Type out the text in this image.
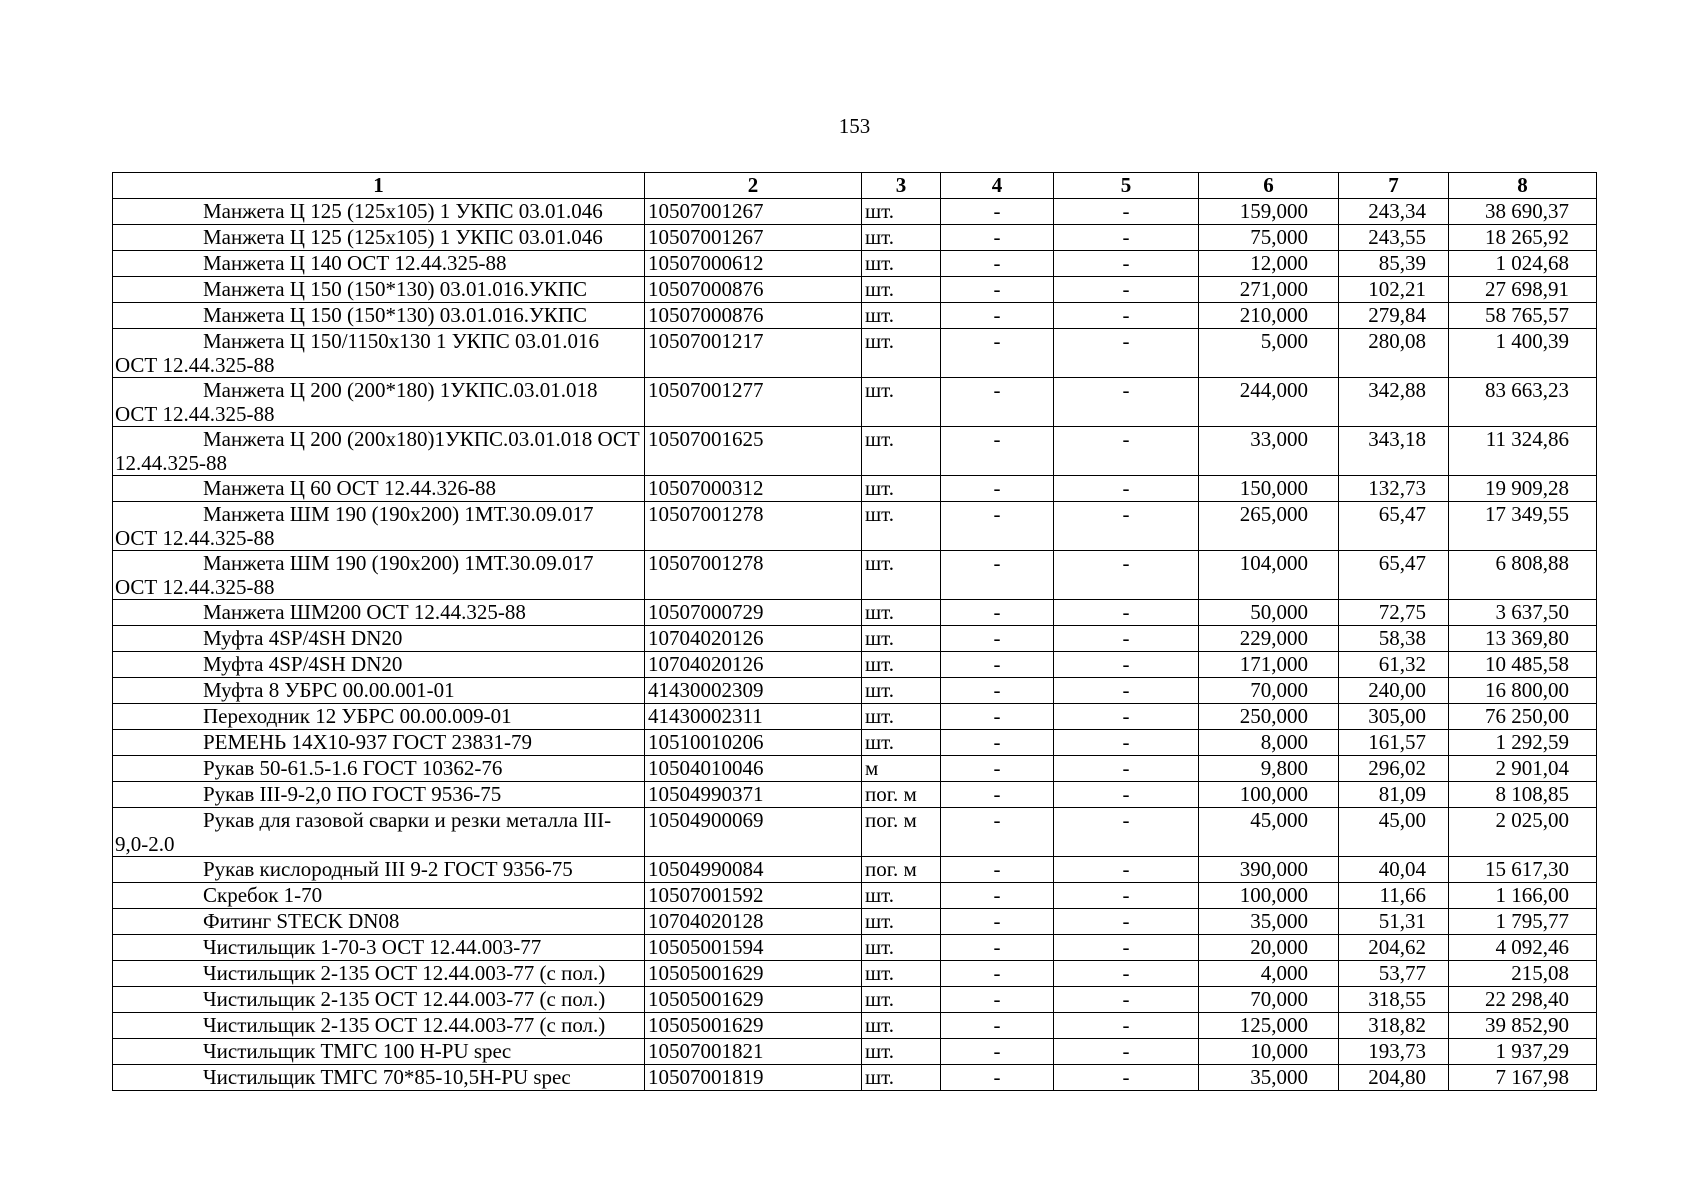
153
1	2	3	4	5	6	7	8
Манжета Ц 125 (125х105) 1 УКПС 03.01.046	10507001267	шт.	-	-	159,000	243,34	38 690,37
Манжета Ц 125 (125х105) 1 УКПС 03.01.046	10507001267	шт.	-	-	75,000	243,55	18 265,92
Манжета Ц 140 ОСТ 12.44.325-88	10507000612	шт.	-	-	12,000	85,39	1 024,68
Манжета Ц 150 (150*130) 03.01.016.УКПС	10507000876	шт.	-	-	271,000	102,21	27 698,91
Манжета Ц 150 (150*130) 03.01.016.УКПС	10507000876	шт.	-	-	210,000	279,84	58 765,57
Манжета Ц 150/1150х130 1 УКПС 03.01.016 ОСТ 12.44.325-88	10507001217	шт.	-	-	5,000	280,08	1 400,39
Манжета Ц 200 (200*180) 1УКПС.03.01.018 ОСТ 12.44.325-88	10507001277	шт.	-	-	244,000	342,88	83 663,23
Манжета Ц 200 (200х180)1УКПС.03.01.018 ОСТ 12.44.325-88	10507001625	шт.	-	-	33,000	343,18	11 324,86
Манжета Ц 60 ОСТ 12.44.326-88	10507000312	шт.	-	-	150,000	132,73	19 909,28
Манжета ШМ 190 (190х200) 1МТ.30.09.017 ОСТ 12.44.325-88	10507001278	шт.	-	-	265,000	65,47	17 349,55
Манжета ШМ 190 (190х200) 1МТ.30.09.017 ОСТ 12.44.325-88	10507001278	шт.	-	-	104,000	65,47	6 808,88
Манжета ШМ200 ОСТ 12.44.325-88	10507000729	шт.	-	-	50,000	72,75	3 637,50
Муфта 4SP/4SH DN20	10704020126	шт.	-	-	229,000	58,38	13 369,80
Муфта 4SP/4SH DN20	10704020126	шт.	-	-	171,000	61,32	10 485,58
Муфта 8 УБРС 00.00.001-01	41430002309	шт.	-	-	70,000	240,00	16 800,00
Переходник 12 УБРС 00.00.009-01	41430002311	шт.	-	-	250,000	305,00	76 250,00
РЕМЕНЬ 14Х10-937 ГОСТ 23831-79	10510010206	шт.	-	-	8,000	161,57	1 292,59
Рукав 50-61.5-1.6 ГОСТ 10362-76	10504010046	м	-	-	9,800	296,02	2 901,04
Рукав III-9-2,0 ПО ГОСТ 9536-75	10504990371	пог. м	-	-	100,000	81,09	8 108,85
Рукав для газовой сварки и резки металла III-9,0-2.0	10504900069	пог. м	-	-	45,000	45,00	2 025,00
Рукав кислородный III 9-2 ГОСТ 9356-75	10504990084	пог. м	-	-	390,000	40,04	15 617,30
Скребок 1-70	10507001592	шт.	-	-	100,000	11,66	1 166,00
Фитинг STECK DN08	10704020128	шт.	-	-	35,000	51,31	1 795,77
Чистильщик 1-70-3 ОСТ 12.44.003-77	10505001594	шт.	-	-	20,000	204,62	4 092,46
Чистильщик 2-135 ОСТ 12.44.003-77 (с пол.)	10505001629	шт.	-	-	4,000	53,77	215,08
Чистильщик 2-135 ОСТ 12.44.003-77 (с пол.)	10505001629	шт.	-	-	70,000	318,55	22 298,40
Чистильщик 2-135 ОСТ 12.44.003-77 (с пол.)	10505001629	шт.	-	-	125,000	318,82	39 852,90
Чистильщик ТМГС 100 H-PU spec	10507001821	шт.	-	-	10,000	193,73	1 937,29
Чистильщик ТМГС 70*85-10,5H-PU spec	10507001819	шт.	-	-	35,000	204,80	7 167,98
